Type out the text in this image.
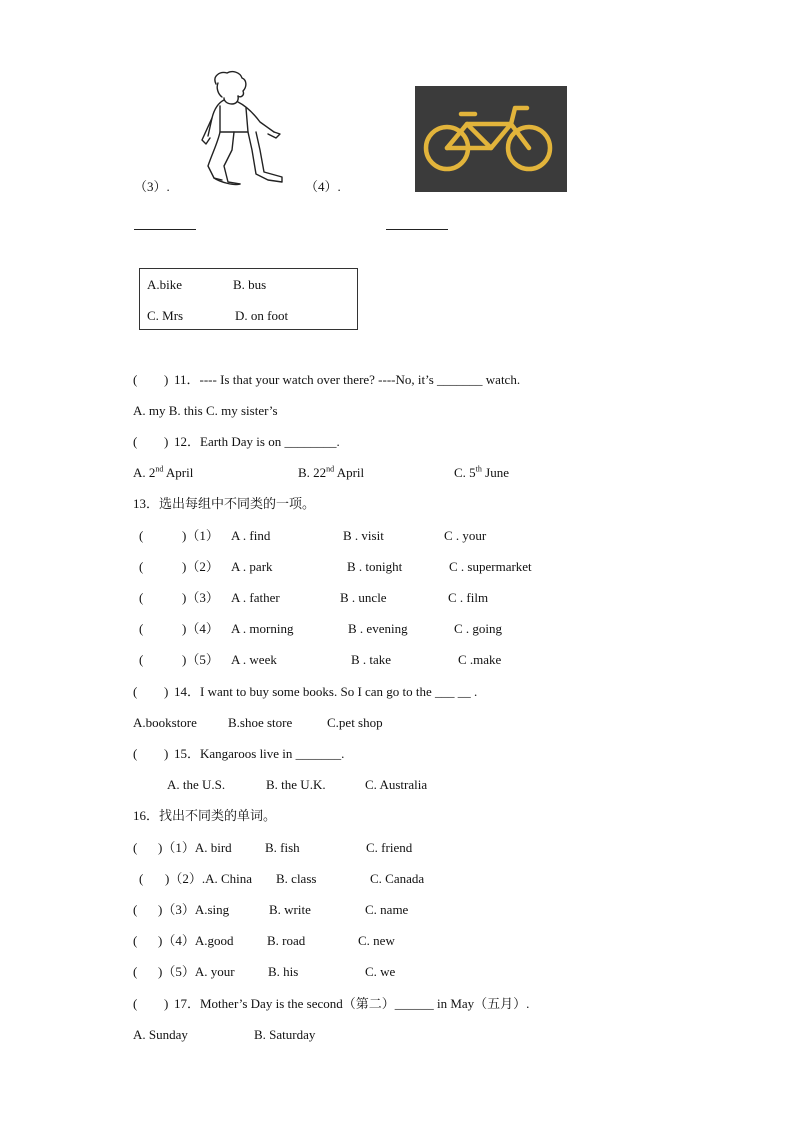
（3）.	（4）.
A.bike	B. bus
C. Mrs	D. on foot
( ) 11．---- Is that your watch over there? ----No, it’s _______ watch.
A. my B. this C. my sister’s
( ) 12．Earth Day is on ________.
A. 2nd April	B. 22nd April	C. 5th June
13．选出每组中不同类的一项。
(	)（1） A . find	B . visit	C . your
(	)（2） A . park	B . tonight	C . supermarket
(	)（3） A . father	B . uncle	C . film
(	)（4） A . morning	B . evening	C . going
(	)（5） A . week	B . take	C .make
( ) 14．I want to buy some books. So I can go to the ___ __ .
A.bookstore B.shoe store	C.pet shop
( ) 15．Kangaroos live in _______.
A. the U.S.	B. the U.K.	C. Australia
16．找出不同类的单词。
( )（1）A. bird	B. fish	C. friend
( )（2）.A. China B. class	C. Canada
( )（3）A.sing	B. write	C. name
( )（4）A.good	B. road	C. new
( )（5）A. your	B. his	C. we
( ) 17．Mother’s Day is the second（第二）______ in May（五月）.
A. Sunday	B. Saturday
